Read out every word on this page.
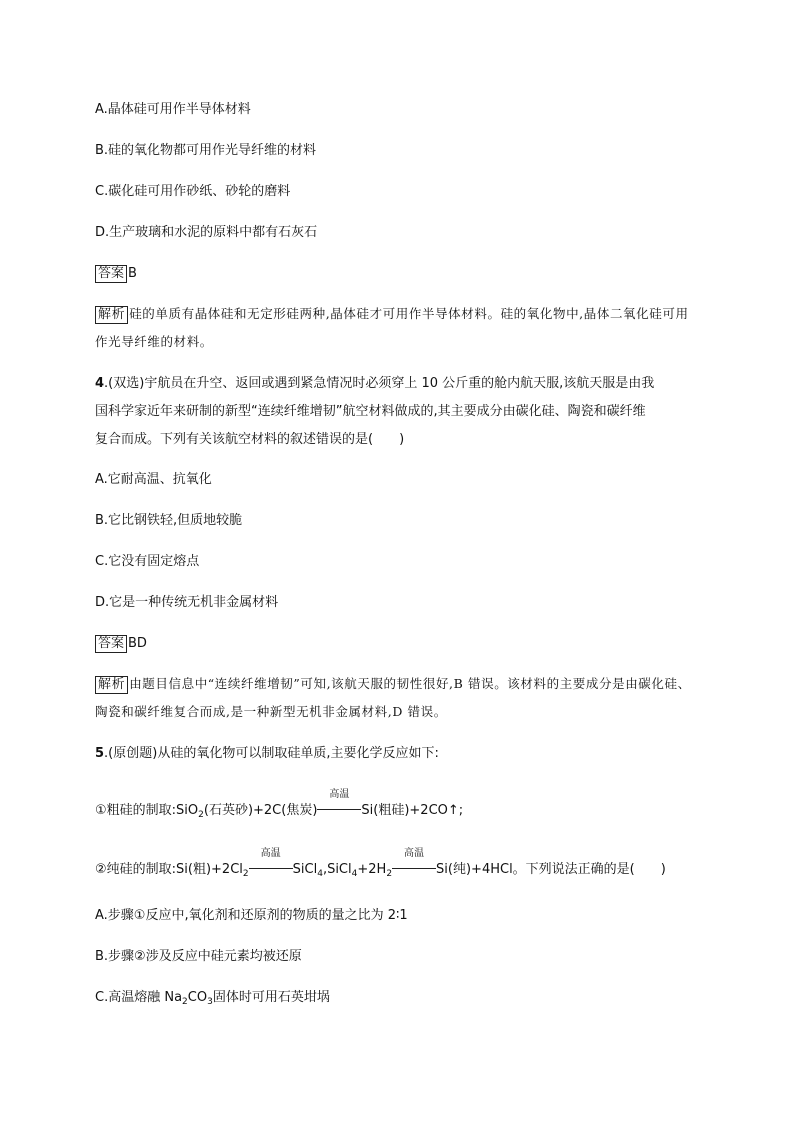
A.晶体硅可用作半导体材料
B.硅的氧化物都可用作光导纤维的材料
C.碳化硅可用作砂纸、砂轮的磨料
D.生产玻璃和水泥的原料中都有石灰石
答案 B
解析 硅的单质有晶体硅和无定形硅两种,晶体硅才可用作半导体材料。硅的氧化物中,晶体二氧化硅可用作光导纤维的材料。
4.(双选)宇航员在升空、返回或遇到紧急情况时必须穿上 10 公斤重的舱内航天服,该航天服是由我
国科学家近年来研制的新型“连续纤维增韧”航空材料做成的,其主要成分由碳化硅、陶瓷和碳纤维
复合而成。下列有关该航空材料的叙述错误的是(　　)
A.它耐高温、抗氧化
B.它比钢铁轻,但质地较脆
C.它没有固定熔点
D.它是一种传统无机非金属材料
答案 BD
解析 由题目信息中“连续纤维增韧”可知,该航天服的韧性很好,B 错误。该材料的主要成分是由碳化硅、陶瓷和碳纤维复合而成,是一种新型无机非金属材料,D 错误。
5.(原创题)从硅的氧化物可以制取硅单质,主要化学反应如下:
①粗硅的制取:SiO$_2$(石英砂)+2C(焦炭)
高温
Si(粗硅)+2CO↑;
②纯硅的制取:Si(粗)$+2Cl_2$
高温
$SiCl_4,SiCl_4+2H_2$
高温
Si(纯)+4HCl。下列说法正确的是(　　)
A.步骤①反应中,氧化剂和还原剂的物质的量之比为 2∶1
B.步骤②涉及反应中硅元素均被还原
C.高温熔融 $Na_2CO_3$固体时可用石英坩埚
